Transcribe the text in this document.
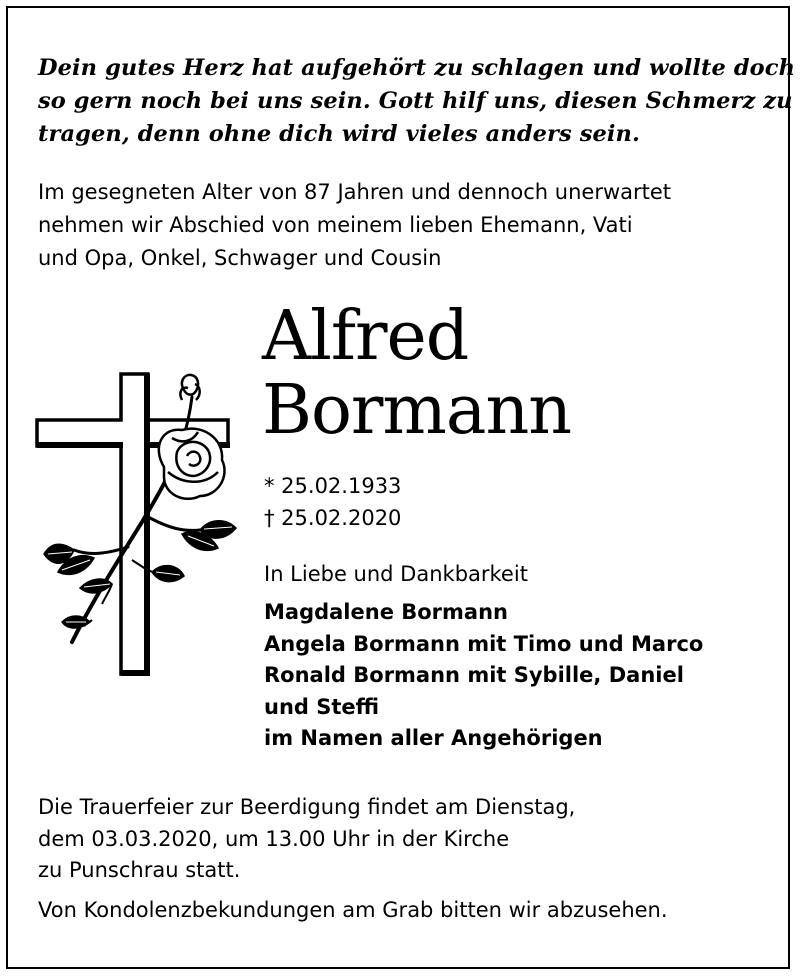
Dein gutes Herz hat aufgehört zu schlagen und wollte doch
so gern noch bei uns sein. Gott hilf uns, diesen Schmerz zu
tragen, denn ohne dich wird vieles anders sein.
Im gesegneten Alter von 87 Jahren und dennoch unerwartet
nehmen wir Abschied von meinem lieben Ehemann, Vati
und Opa, Onkel, Schwager und Cousin
Alfred
Bormann
* 25.02.1933
† 25.02.2020
In Liebe und Dankbarkeit
Magdalene Bormann
Angela Bormann mit Timo und Marco
Ronald Bormann mit Sybille, Daniel
und Steffi
im Namen aller Angehörigen
Die Trauerfeier zur Beerdigung findet am Dienstag,
dem 03.03.2020, um 13.00 Uhr in der Kirche
zu Punschrau statt.
Von Kondolenzbekundungen am Grab bitten wir abzusehen.
